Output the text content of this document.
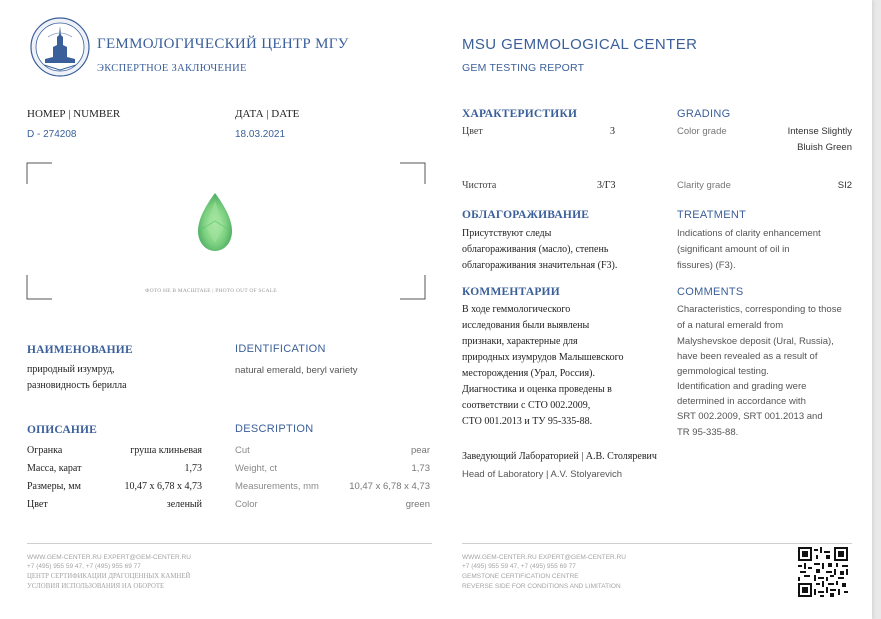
ГЕММОЛОГИЧЕСКИЙ ЦЕНТР МГУ
ЭКСПЕРТНОЕ ЗАКЛЮЧЕНИЕ
MSU GEMMOLOGICAL CENTER
GEM TESTING REPORT
НОМЕР | NUMBER
D - 274208
ДАТА | DATE
18.03.2021
ФОТО НЕ В МАСШТАБЕ | PHOTO OUT OF SCALE
НАИМЕНОВАНИЕ
природный изумруд,
разновидность берилла
IDENTIFICATION
natural emerald, beryl variety
ОПИСАНИЕ	DESCRIPTION
Огранка	груша клиньевая	Cut	pear
Масса, карат	1,73	Weight, ct	1,73
Размеры, мм	10,47 x 6,78 x 4,73	Measurements, mm	10,47 x 6,78 x 4,73
Цвет	зеленый	Color	green
ХАРАКТЕРИСТИКИ	GRADING
Цвет	3	Color grade	Intense Slightly
Bluish Green
Чистота	3/Г3	Clarity grade	SI2
ОБЛАГОРАЖИВАНИЕ
Присутствуют следы
облагораживания (масло), степень
облагораживания значительная (F3).
TREATMENT
Indications of clarity enhancement
(significant amount of oil in
fissures) (F3).
КОММЕНТАРИИ
В ходе геммологического
исследования были выявлены
признаки, характерные для
природных изумрудов Малышевского
месторождения (Урал, Россия).
Диагностика и оценка проведены в
соответствии с СТО 002.2009,
СТО 001.2013 и ТУ 95-335-88.
COMMENTS
Characteristics, corresponding to those
of a natural emerald from
Malyshevskoe deposit (Ural, Russia),
have been revealed as a result of
gemmological testing.
Identification and grading were
determined in accordance with
SRT 002.2009, SRT 001.2013 and
TR 95-335-88.
Заведующий Лабораторией | А.В. Столяревич
Head of Laboratory | A.V. Stolyarevich
WWW.GEM-CENTER.RU EXPERT@GEM-CENTER.RU
+7 (495) 955 59 47, +7 (495) 955 69 77
ЦЕНТР СЕРТИФИКАЦИИ ДРАГОЦЕННЫХ КАМНЕЙ
УСЛОВИЯ ИСПОЛЬЗОВАНИЯ НА ОБОРОТЕ
WWW.GEM-CENTER.RU EXPERT@GEM-CENTER.RU
+7 (495) 955 59 47, +7 (495) 955 69 77
GEMSTONE CERTIFICATION CENTRE
REVERSE SIDE FOR CONDITIONS AND LIMITATION
